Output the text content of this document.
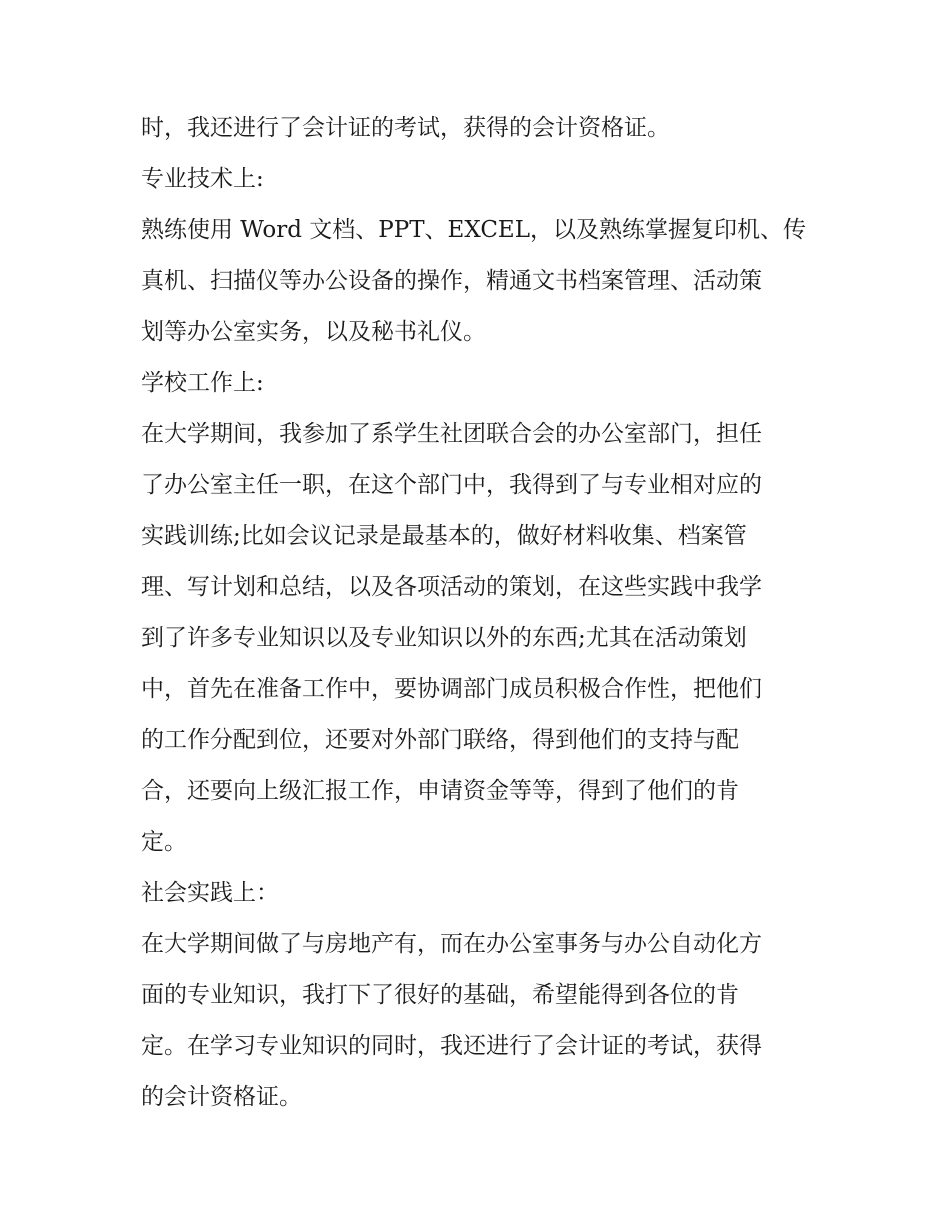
时，我还进行了会计证的考试，获得的会计资格证。
专业技术上:
熟练使用 Word 文档、PPT、EXCEL，以及熟练掌握复印机、传
真机、扫描仪等办公设备的操作，精通文书档案管理、活动策
划等办公室实务，以及秘书礼仪。
学校工作上:
在大学期间，我参加了系学生社团联合会的办公室部门，担任
了办公室主任一职，在这个部门中，我得到了与专业相对应的
实践训练;比如会议记录是最基本的，做好材料收集、档案管
理、写计划和总结，以及各项活动的策划，在这些实践中我学
到了许多专业知识以及专业知识以外的东西;尤其在活动策划
中，首先在准备工作中，要协调部门成员积极合作性，把他们
的工作分配到位，还要对外部门联络，得到他们的支持与配
合，还要向上级汇报工作，申请资金等等，得到了他们的肯
定。
社会实践上：
在大学期间做了与房地产有，而在办公室事务与办公自动化方
面的专业知识，我打下了很好的基础，希望能得到各位的肯
定。在学习专业知识的同时，我还进行了会计证的考试，获得
的会计资格证。
